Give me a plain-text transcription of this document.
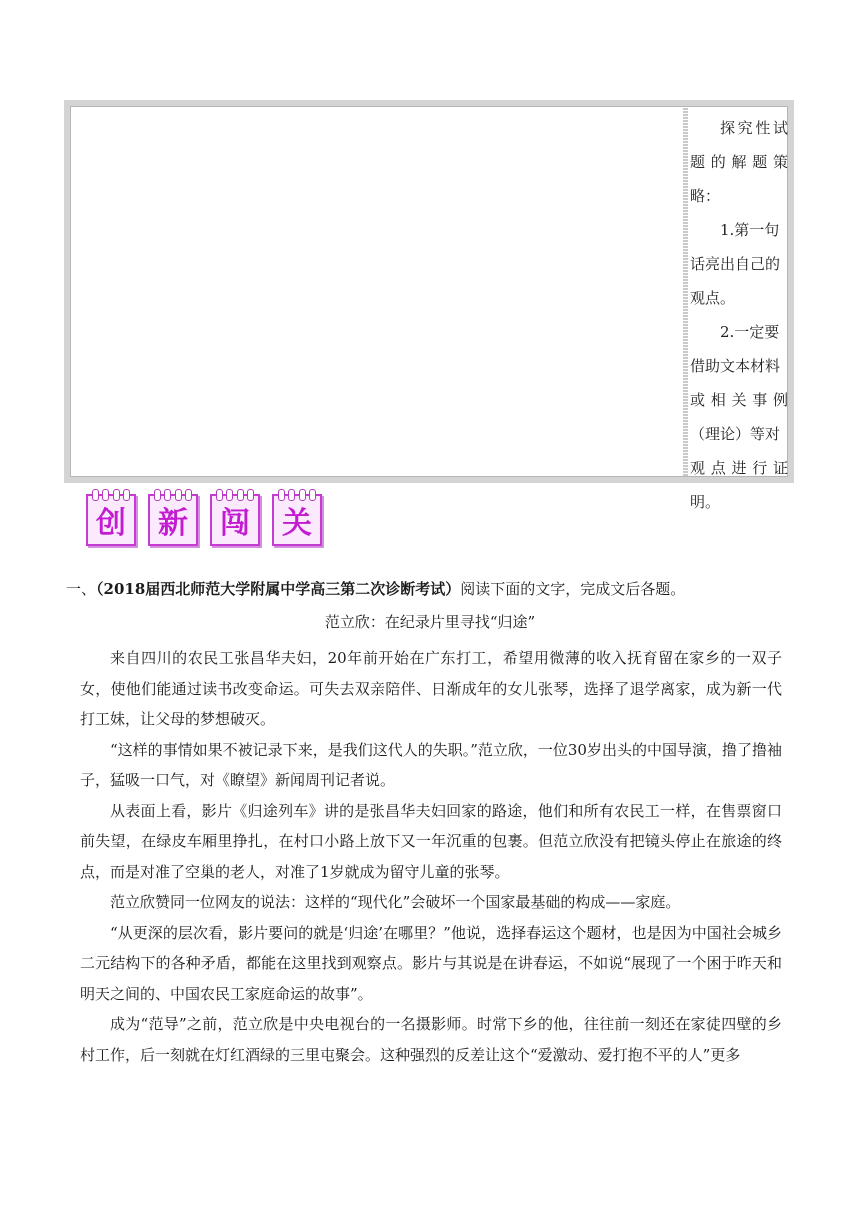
探究性试

题的解题策略：

1.第一句

话亮出自己的

观点。

2.一定要

借助文本材料

或相关事例

（理论）等对

观点进行证

明。

创 新 闯 关
一、（2018届西北师范大学附属中学高三第二次诊断考试）阅读下面的文字，完成文后各题。
范立欣：在纪录片里寻找“归途”

来自四川的农民工张昌华夫妇，20年前开始在广东打工，希望用微薄的收入抚育留在家乡的一双子女，使他们能通过读书改变命运。可失去双亲陪伴、日渐成年的女儿张琴，选择了退学离家，成为新一代打工妹，让父母的梦想破灭。

“这样的事情如果不被记录下来，是我们这代人的失职。”范立欣，一位30岁出头的中国导演，撸了撸袖子，猛吸一口气，对《瞭望》新闻周刊记者说。

从表面上看，影片《归途列车》讲的是张昌华夫妇回家的路途，他们和所有农民工一样，在售票窗口前失望，在绿皮车厢里挣扎，在村口小路上放下又一年沉重的包裹。但范立欣没有把镜头停止在旅途的终点，而是对准了空巢的老人，对准了1岁就成为留守儿童的张琴。

范立欣赞同一位网友的说法：这样的“现代化”会破坏一个国家最基础的构成——家庭。

“从更深的层次看，影片要问的就是‘归途’在哪里？”他说，选择春运这个题材，也是因为中国社会城乡二元结构下的各种矛盾，都能在这里找到观察点。影片与其说是在讲春运，不如说“展现了一个困于昨天和明天之间的、中国农民工家庭命运的故事”。

成为“范导”之前，范立欣是中央电视台的一名摄影师。时常下乡的他，往往前一刻还在家徒四壁的乡村工作，后一刻就在灯红酒绿的三里屯聚会。这种强烈的反差让这个“爱激动、爱打抱不平的人”更多
